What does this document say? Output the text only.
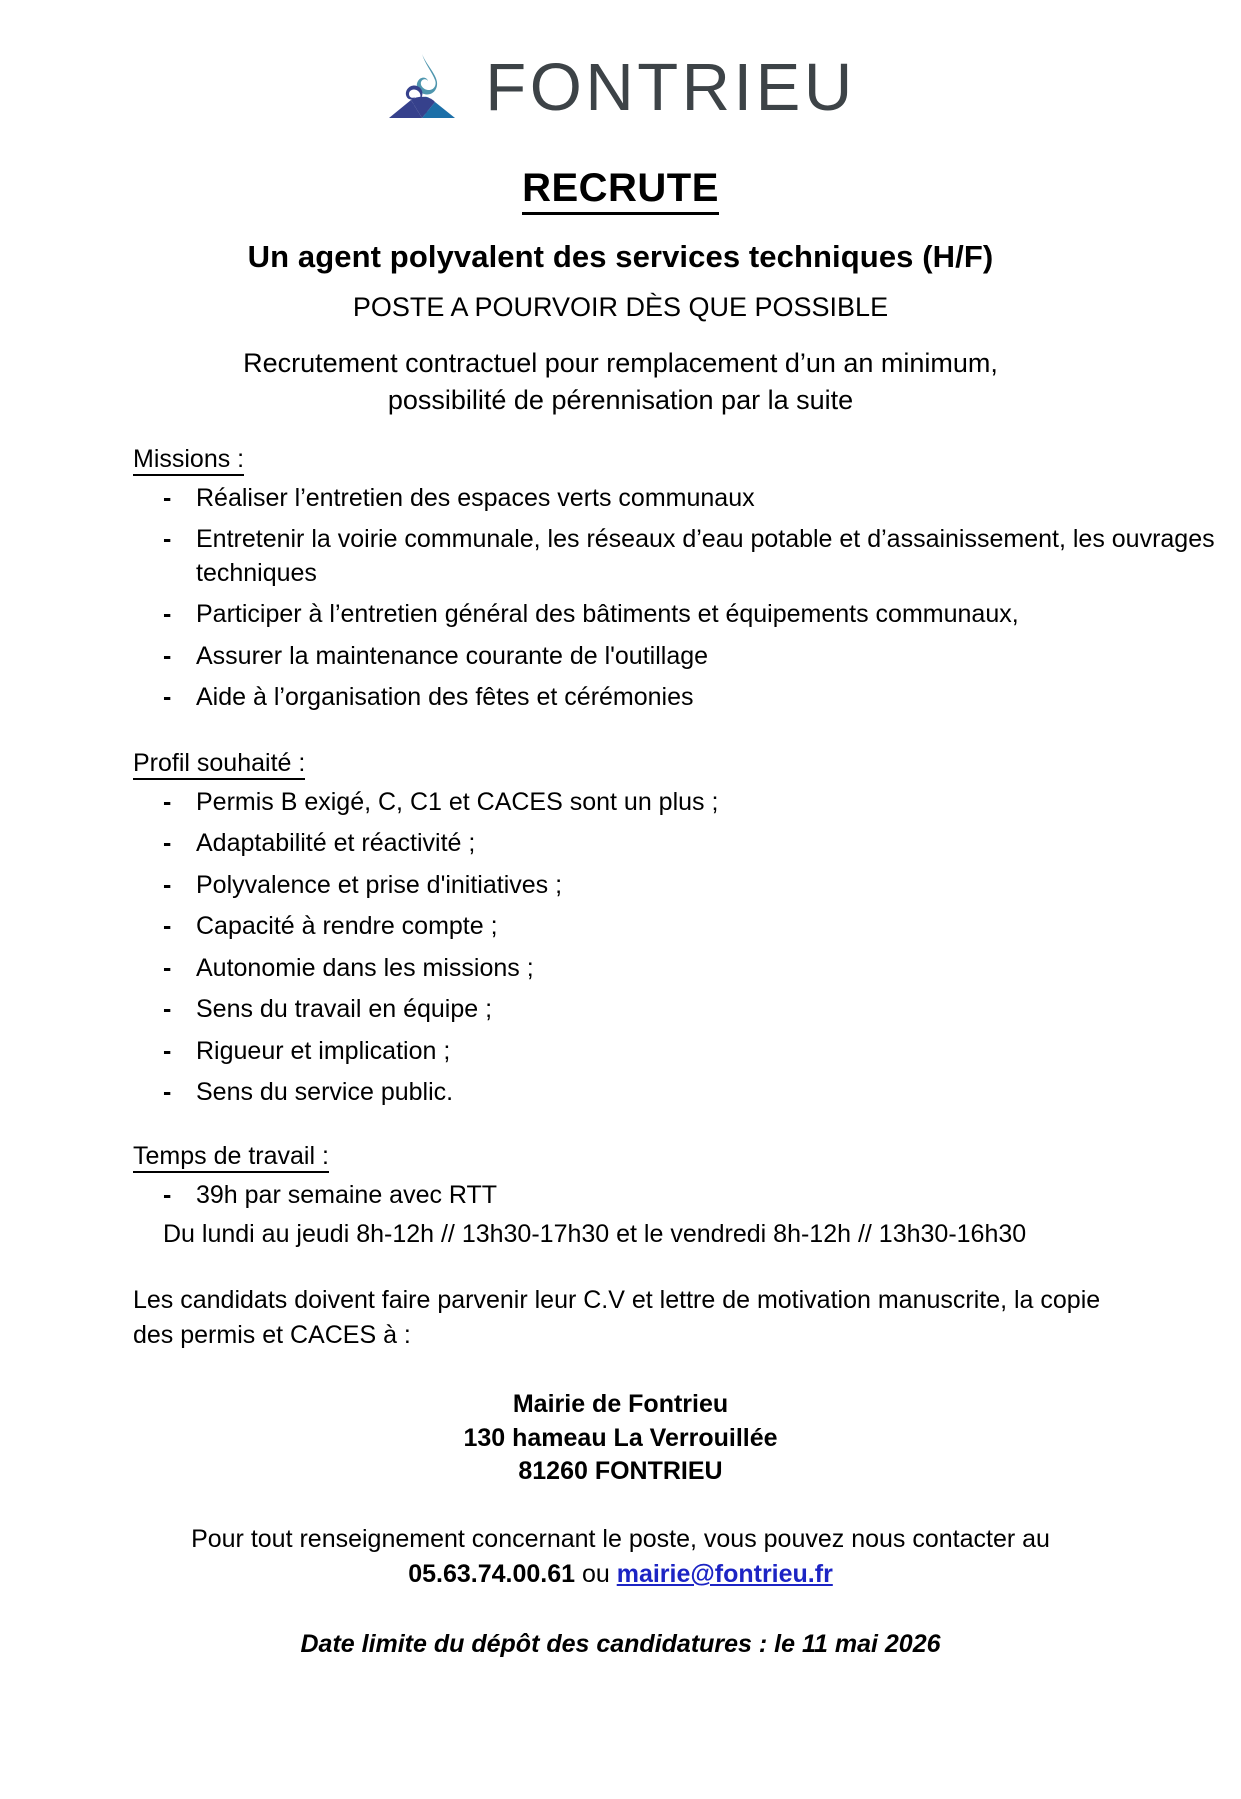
FONTRIEU
RECRUTE
Un agent polyvalent des services techniques (H/F)
POSTE A POURVOIR DÈS QUE POSSIBLE
Recrutement contractuel pour remplacement d’un an minimum,
possibilité de pérennisation par la suite
Missions :
- Réaliser l’entretien des espaces verts communaux
- Entretenir la voirie communale, les réseaux d’eau potable et d’assainissement, les ouvrages techniques
- Participer à l’entretien général des bâtiments et équipements communaux,
- Assurer la maintenance courante de l'outillage
- Aide à l’organisation des fêtes et cérémonies
Profil souhaité :
- Permis B exigé, C, C1 et CACES sont un plus ;
- Adaptabilité et réactivité ;
- Polyvalence et prise d'initiatives ;
- Capacité à rendre compte ;
- Autonomie dans les missions ;
- Sens du travail en équipe ;
- Rigueur et implication ;
- Sens du service public.
Temps de travail :
- 39h par semaine avec RTT
Du lundi au jeudi 8h-12h // 13h30-17h30 et le vendredi 8h-12h // 13h30-16h30
Les candidats doivent faire parvenir leur C.V et lettre de motivation manuscrite, la copie des permis et CACES à :
Mairie de Fontrieu
130 hameau La Verrouillée
81260 FONTRIEU
Pour tout renseignement concernant le poste, vous pouvez nous contacter au
05.63.74.00.61 ou mairie@fontrieu.fr
Date limite du dépôt des candidatures : le 11 mai 2026
